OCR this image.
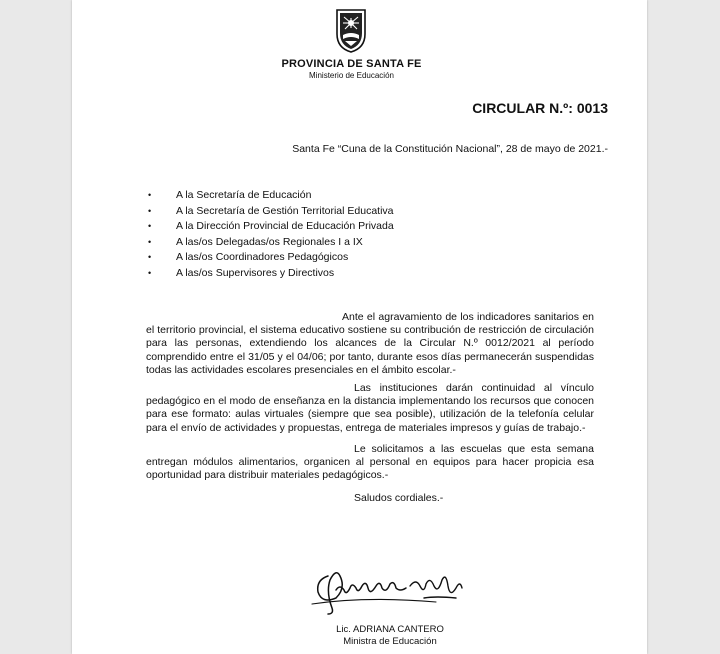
PROVINCIA DE SANTA FE
Ministerio de Educación
CIRCULAR N.º: 0013
Santa Fe “Cuna de la Constitución Nacional”, 28 de mayo de 2021.-
• A la Secretaría de Educación
• A la Secretaría de Gestión Territorial Educativa
• A la Dirección Provincial de Educación Privada
• A las/os Delegadas/os Regionales I a IX
• A las/os Coordinadores Pedagógicos
• A las/os Supervisores y Directivos

Ante el agravamiento de los indicadores sanitarios en el territorio provincial, el sistema educativo sostiene su contribución de restricción de circulación para las personas, extendiendo los alcances de la Circular N.º 0012/2021 al período comprendido entre el 31/05 y el 04/06; por tanto, durante esos días permanecerán suspendidas todas las actividades escolares presenciales en el ámbito escolar.-

Las instituciones darán continuidad al vínculo pedagógico en el modo de enseñanza en la distancia implementando los recursos que conocen para ese formato: aulas virtuales (siempre que sea posible), utilización de la telefonía celular para el envío de actividades y propuestas, entrega de materiales impresos y guías de trabajo.-

Le solicitamos a las escuelas que esta semana entregan módulos alimentarios, organicen al personal en equipos para hacer propicia esa oportunidad para distribuir materiales pedagógicos.-

Saludos cordiales.-
Lic. ADRIANA CANTERO
Ministra de Educación
